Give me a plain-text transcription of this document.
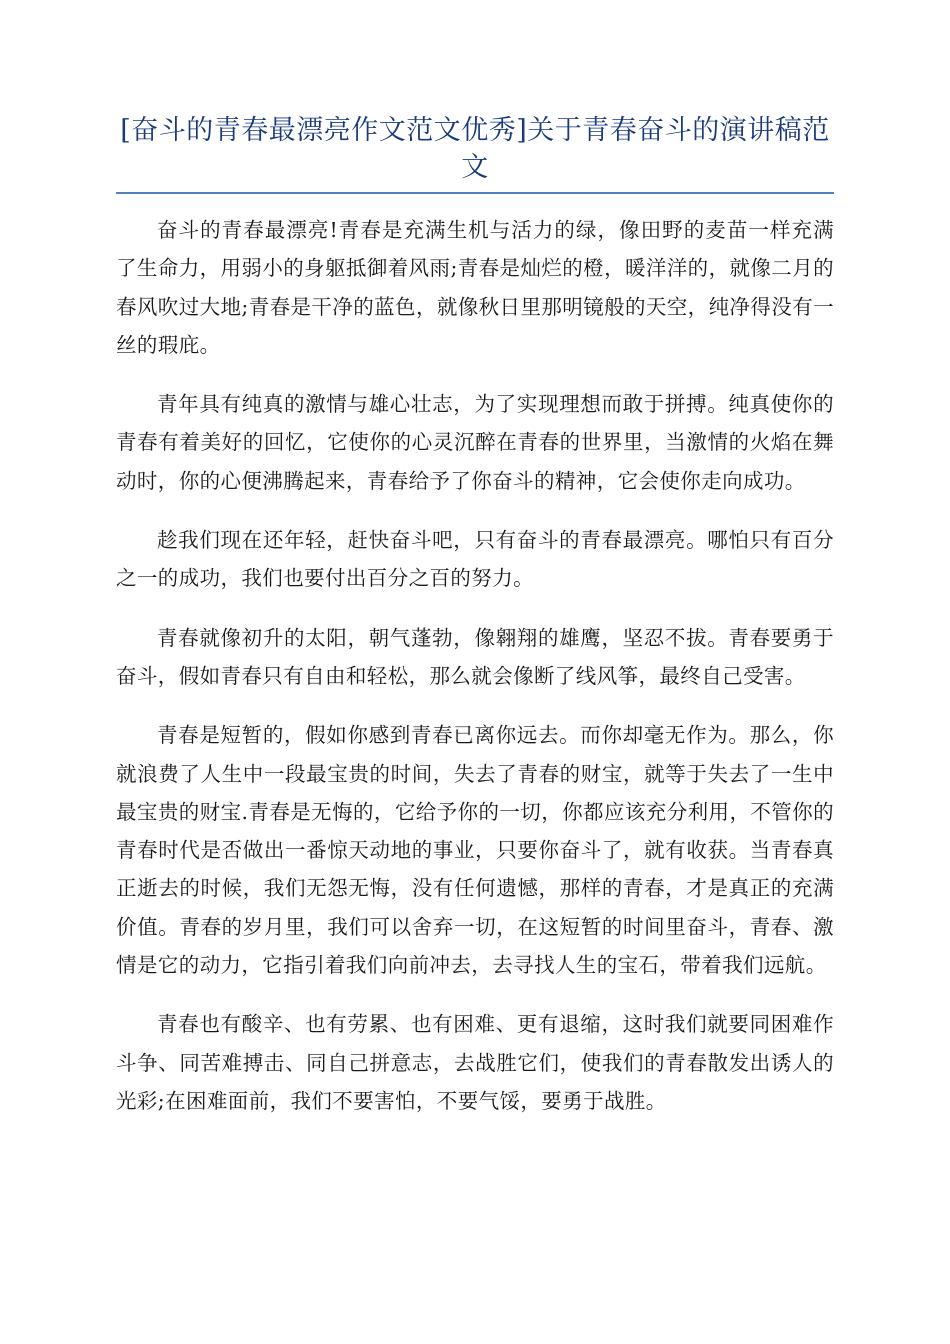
[奋斗的青春最漂亮作文范文优秀]关于青春奋斗的演讲稿范文

奋斗的青春最漂亮!青春是充满生机与活力的绿，像田野的麦苗一样充满了生命力，用弱小的身躯抵御着风雨;青春是灿烂的橙，暖洋洋的，就像二月的春风吹过大地;青春是干净的蓝色，就像秋日里那明镜般的天空，纯净得没有一丝的瑕庇。

青年具有纯真的激情与雄心壮志，为了实现理想而敢于拼搏。纯真使你的青春有着美好的回忆，它使你的心灵沉醉在青春的世界里，当激情的火焰在舞动时，你的心便沸腾起来，青春给予了你奋斗的精神，它会使你走向成功。

趁我们现在还年轻，赶快奋斗吧，只有奋斗的青春最漂亮。哪怕只有百分之一的成功，我们也要付出百分之百的努力。

青春就像初升的太阳，朝气蓬勃，像翱翔的雄鹰，坚忍不拔。青春要勇于奋斗，假如青春只有自由和轻松，那么就会像断了线风筝，最终自己受害。

青春是短暂的，假如你感到青春已离你远去。而你却毫无作为。那么，你就浪费了人生中一段最宝贵的时间，失去了青春的财宝，就等于失去了一生中最宝贵的财宝.青春是无悔的，它给予你的一切，你都应该充分利用，不管你的青春时代是否做出一番惊天动地的事业，只要你奋斗了，就有收获。当青春真正逝去的时候，我们无怨无悔，没有任何遗憾，那样的青春，才是真正的充满价值。青春的岁月里，我们可以舍弃一切，在这短暂的时间里奋斗，青春、激情是它的动力，它指引着我们向前冲去，去寻找人生的宝石，带着我们远航。

青春也有酸辛、也有劳累、也有困难、更有退缩，这时我们就要同困难作斗争、同苦难搏击、同自己拼意志，去战胜它们，使我们的青春散发出诱人的光彩;在困难面前，我们不要害怕，不要气馁，要勇于战胜。
